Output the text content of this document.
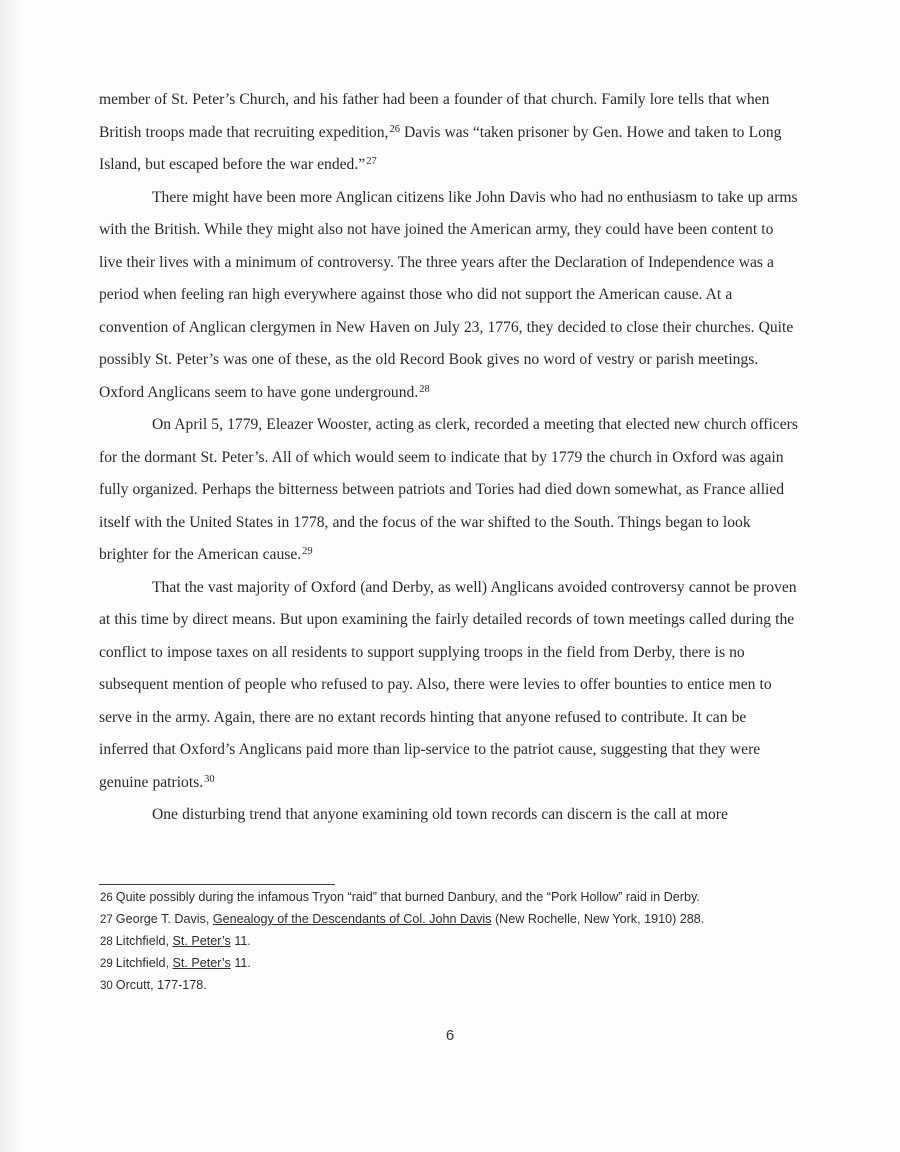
member of St. Peter’s Church, and his father had been a founder of that church. Family lore tells that when British troops made that recruiting expedition,$^{26}$ Davis was “taken prisoner by Gen. Howe and taken to Long Island, but escaped before the war ended.”$^{27}$

There might have been more Anglican citizens like John Davis who had no enthusiasm to take up arms with the British. While they might also not have joined the American army, they could have been content to live their lives with a minimum of controversy. The three years after the Declaration of Independence was a period when feeling ran high everywhere against those who did not support the American cause. At a convention of Anglican clergymen in New Haven on July 23, 1776, they decided to close their churches. Quite possibly St. Peter’s was one of these, as the old Record Book gives no word of vestry or parish meetings. Oxford Anglicans seem to have gone underground.$^{28}$

On April 5, 1779, Eleazer Wooster, acting as clerk, recorded a meeting that elected new church officers for the dormant St. Peter’s. All of which would seem to indicate that by 1779 the church in Oxford was again fully organized. Perhaps the bitterness between patriots and Tories had died down somewhat, as France allied itself with the United States in 1778, and the focus of the war shifted to the South. Things began to look brighter for the American cause.$^{29}$

That the vast majority of Oxford (and Derby, as well) Anglicans avoided controversy cannot be proven at this time by direct means. But upon examining the fairly detailed records of town meetings called during the conflict to impose taxes on all residents to support supplying troops in the field from Derby, there is no subsequent mention of people who refused to pay. Also, there were levies to offer bounties to entice men to serve in the army. Again, there are no extant records hinting that anyone refused to contribute. It can be inferred that Oxford’s Anglicans paid more than lip-service to the patriot cause, suggesting that they were genuine patriots.$^{30}$

One disturbing trend that anyone examining old town records can discern is the call at more

26 Quite possibly during the infamous Tryon “raid” that burned Danbury, and the “Pork Hollow” raid in Derby.
27 George T. Davis, Genealogy of the Descendants of Col. John Davis (New Rochelle, New York, 1910) 288.
28 Litchfield, St. Peter’s 11.
29 Litchfield, St. Peter’s 11.
30 Orcutt, 177-178.
6
